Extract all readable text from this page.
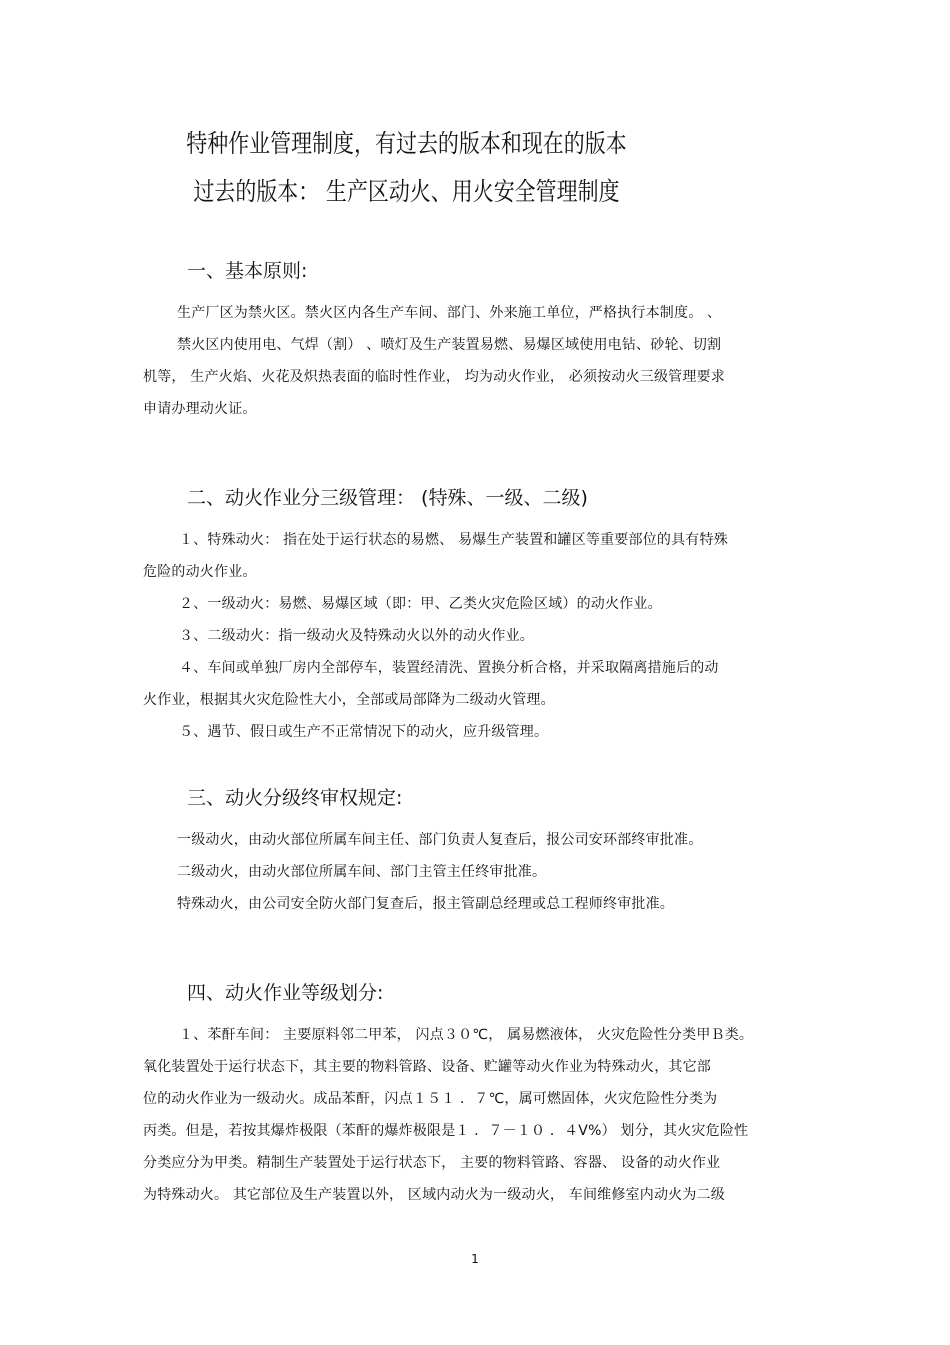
特种作业管理制度，有过去的版本和现在的版本
过去的版本： 生产区动火、用火安全管理制度
一、基本原则:

生产厂区为禁火区。禁火区内各生产车间、部门、外来施工单位，严格执行本制度。 、

禁火区内使用电、气焊（割） 、喷灯及生产装置易燃、易爆区域使用电钻、砂轮、切割

机等， 生产火焰、火花及炽热表面的临时性作业， 均为动火作业， 必须按动火三级管理要求

申请办理动火证。

二、动火作业分三级管理： (特殊、一级、二级)

１、特殊动火： 指在处于运行状态的易燃、 易爆生产装置和罐区等重要部位的具有特殊

危险的动火作业。

２、一级动火：易燃、易爆区域（即：甲、乙类火灾危险区域）的动火作业。

３、二级动火：指一级动火及特殊动火以外的动火作业。

４、车间或单独厂房内全部停车，装置经清洗、置换分析合格，并采取隔离措施后的动

火作业，根据其火灾危险性大小，全部或局部降为二级动火管理。

５、遇节、假日或生产不正常情况下的动火，应升级管理。

三、动火分级终审权规定:

一级动火，由动火部位所属车间主任、部门负责人复查后，报公司安环部终审批准。

二级动火，由动火部位所属车间、部门主管主任终审批准。

特殊动火，由公司安全防火部门复查后，报主管副总经理或总工程师终审批准。

四、动火作业等级划分:

１、苯酐车间： 主要原料邻二甲苯， 闪点３０℃， 属易燃液体， 火灾危险性分类甲Ｂ类。

氧化装置处于运行状态下，其主要的物料管路、设备、贮罐等动火作业为特殊动火，其它部

位的动火作业为一级动火。成品苯酐，闪点１５１ ．７℃，属可燃固体，火灾危险性分类为

丙类。但是，若按其爆炸极限（苯酐的爆炸极限是１ ．７－１０ ．４V%） 划分，其火灾危险性

分类应分为甲类。精制生产装置处于运行状态下， 主要的物料管路、容器、 设备的动火作业

为特殊动火。 其它部位及生产装置以外， 区域内动火为一级动火， 车间维修室内动火为二级

1
